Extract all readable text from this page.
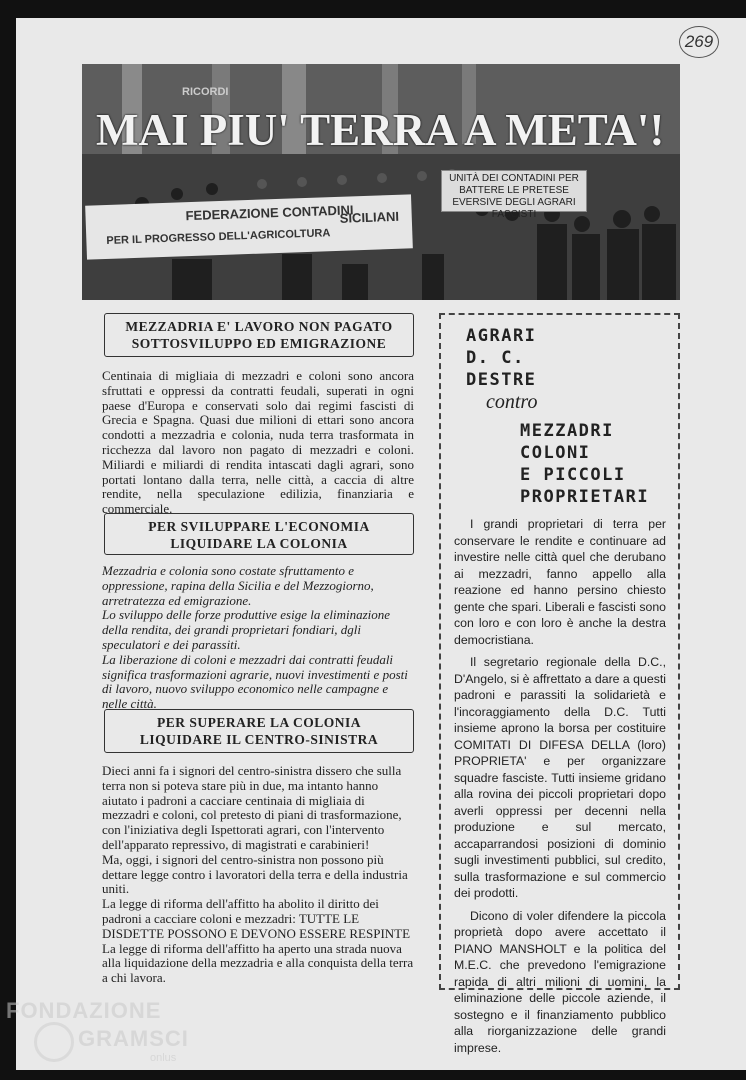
269
UNITÀ DEI CONTADINI PER BATTERE LE PRETESE EVERSIVE DEGLI AGRARI FASCISTI
FEDERAZIONE CONTADINI
SICILIANI
PER IL PROGRESSO DELL'AGRICOLTURA
RICORDI
MAI PIU' TERRA A META'!
MEZZADRIA E' LAVORO NON PAGATO
SOTTOSVILUPPO ED EMIGRAZIONE

Centinaia di migliaia di mezzadri e coloni sono ancora sfruttati e oppressi da contratti feudali, superati in ogni paese d'Europa e conservati solo dai regimi fascisti di Grecia e Spagna. Quasi due milioni di ettari sono ancora condotti a mezzadria e colonia, nuda terra trasformata in ricchezza dal lavoro non pagato di mezzadri e coloni. Miliardi e miliardi di rendita intascati dagli agrari, sono portati lontano dalla terra, nelle città, a caccia di altre rendite, nella speculazione edilizia, finanziaria e commerciale.

PER SVILUPPARE L'ECONOMIA
LIQUIDARE LA COLONIA

Mezzadria e colonia sono costate sfruttamento e oppressione, rapina della Sicilia e del Mezzogiorno, arretratezza ed emigrazione.

Lo sviluppo delle forze produttive esige la eliminazione della rendita, dei grandi proprietari fondiari, dgli speculatori e dei parassiti.

La liberazione di coloni e mezzadri dai contratti feudali significa trasformazioni agrarie, nuovi investimenti e posti di lavoro, nuovo sviluppo economico nelle campagne e nelle città.

PER SUPERARE LA COLONIA
LIQUIDARE IL CENTRO-SINISTRA

Dieci anni fa i signori del centro-sinistra dissero che sulla terra non si poteva stare più in due, ma intanto hanno aiutato i padroni a cacciare centinaia di migliaia di mezzadri e coloni, col pretesto di piani di trasformazione, con l'iniziativa degli Ispettorati agrari, con l'intervento dell'apparato repressivo, di magistrati e carabinieri!

Ma, oggi, i signori del centro-sinistra non possono più dettare legge contro i lavoratori della terra e della industria uniti.

La legge di riforma dell'affitto ha abolito il diritto dei padroni a cacciare coloni e mezzadri: TUTTE LE DISDETTE POSSONO E DEVONO ESSERE RESPINTE

La legge di riforma dell'affitto ha aperto una strada nuova alla liquidazione della mezzadria e alla conquista della terra a chi lavora.

AGRARI
D. C.
DESTRE
contro
MEZZADRI
COLONI
E PICCOLI
PROPRIETARI

I grandi proprietari di terra per conservare le rendite e continuare ad investire nelle città quel che derubano ai mezzadri, fanno appello alla reazione ed hanno persino chiesto gente che spari. Liberali e fascisti sono con loro e con loro è anche la destra democristiana.

Il segretario regionale della D.C., D'Angelo, si è affrettato a dare a questi padroni e parassiti la solidarietà e l'incoraggiamento della D.C. Tutti insieme aprono la borsa per costituire COMITATI DI DIFESA DELLA (loro) PROPRIETA' e per organizzare squadre fasciste. Tutti insieme gridano alla rovina dei piccoli proprietari dopo averli oppressi per decenni nella produzione e sul mercato, accaparrandosi posizioni di dominio sugli investimenti pubblici, sul credito, sulla trasformazione e sul commercio dei prodotti.

Dicono di voler difendere la piccola proprietà dopo avere accettato il PIANO MANSHOLT e la politica del M.E.C. che prevedono l'emigrazione rapida di altri milioni di uomini, la eliminazione delle piccole aziende, il sostegno e il finanziamento pubblico alla riorganizzazione delle grandi imprese.

FONDAZIONE
GRAMSCI
onlus
